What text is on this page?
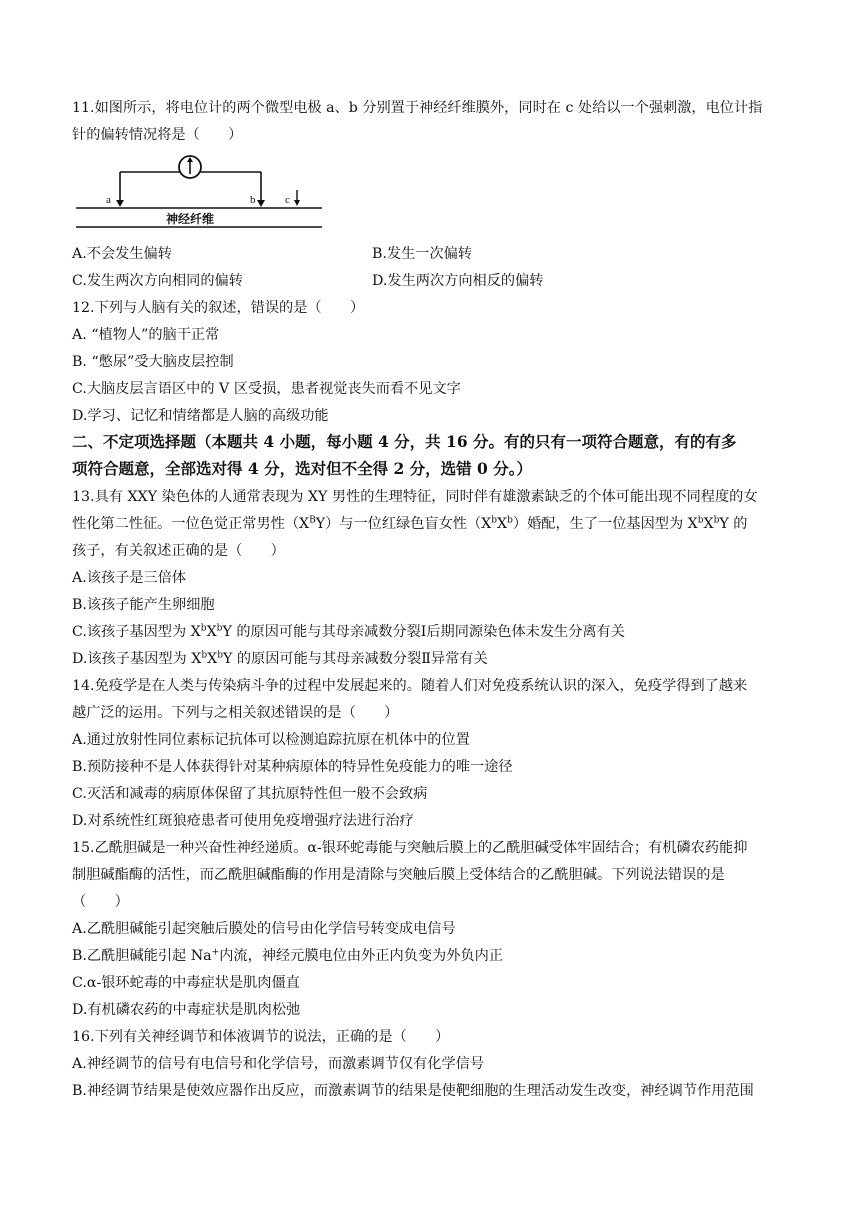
11.如图所示，将电位计的两个微型电极 a、b 分别置于神经纤维膜外，同时在 c 处给以一个强刺激，电位计指
针的偏转情况将是（　　）
a	b	c
神经纤维
A.不会发生偏转	B.发生一次偏转
C.发生两次方向相同的偏转	D.发生两次方向相反的偏转
12.下列与人脑有关的叙述，错误的是（　　）
A. “植物人”的脑干正常
B. “憋尿”受大脑皮层控制
C.大脑皮层言语区中的 V 区受损，患者视觉丧失而看不见文字
D.学习、记忆和情绪都是人脑的高级功能
二、不定项选择题（本题共 4 小题，每小题 4 分，共 16 分。有的只有一项符合题意，有的有多
项符合题意，全部选对得 4 分，选对但不全得 2 分，选错 0 分。）
13.具有 XXY 染色体的人通常表现为 XY 男性的生理特征，同时伴有雄激素缺乏的个体可能出现不同程度的女
性化第二性征。一位色觉正常男性$(X^BY)$与一位红绿色盲女性$(X^bX^b)$婚配，生了一位基因型为 $X^bX^bY$ 的
孩子，有关叙述正确的是（　　）
A.该孩子是三倍体
B.该孩子能产生卵细胞
C.该孩子基因型为 $X^bX^bY$ 的原因可能与其母亲减数分裂Ⅰ后期同源染色体未发生分离有关
D.该孩子基因型为 $X^bX^bY$ 的原因可能与其母亲减数分裂Ⅱ异常有关
14.免疫学是在人类与传染病斗争的过程中发展起来的。随着人们对免疫系统认识的深入，免疫学得到了越来
越广泛的运用。下列与之相关叙述错误的是（　　）
A.通过放射性同位素标记抗体可以检测追踪抗原在机体中的位置
B.预防接种不是人体获得针对某种病原体的特异性免疫能力的唯一途径
C.灭活和减毒的病原体保留了其抗原特性但一般不会致病
D.对系统性红斑狼疮患者可使用免疫增强疗法进行治疗
15.乙酰胆碱是一种兴奋性神经递质。α-银环蛇毒能与突触后膜上的乙酰胆碱受体牢固结合；有机磷农药能抑
制胆碱酯酶的活性，而乙酰胆碱酯酶的作用是清除与突触后膜上受体结合的乙酰胆碱。下列说法错误的是
（　　）
A.乙酰胆碱能引起突触后膜处的信号由化学信号转变成电信号
B.乙酰胆碱能引起 Na+内流，神经元膜电位由外正内负变为外负内正
C.α-银环蛇毒的中毒症状是肌肉僵直
D.有机磷农药的中毒症状是肌肉松弛
16.下列有关神经调节和体液调节的说法，正确的是（　　）
A.神经调节的信号有电信号和化学信号，而激素调节仅有化学信号
B.神经调节结果是使效应器作出反应，而激素调节的结果是使靶细胞的生理活动发生改变，神经调节作用范围
